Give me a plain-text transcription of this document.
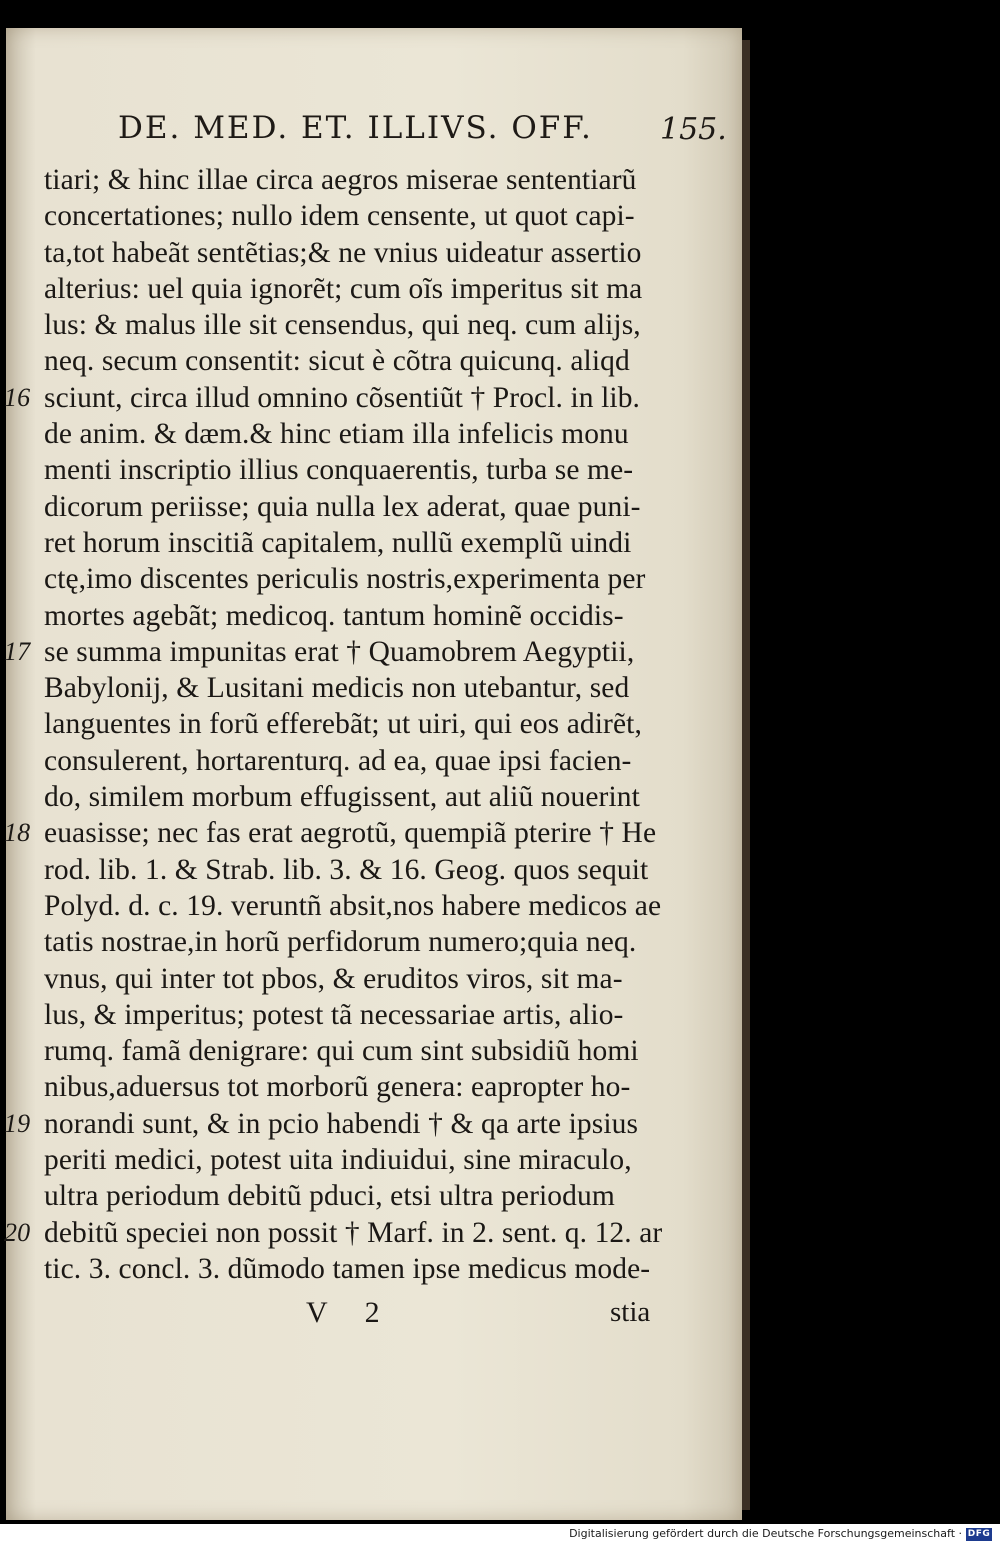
DE. MED. ET. ILLIVS. OFF.	155.
tiari; & hinc illae circa aegros miserae sententiarũ
concertationes; nullo idem censente, ut quot capi-
ta,tot habeãt sentẽtias;& ne vnius uideatur assertio
alterius: uel quia ignorẽt; cum oĩs imperitus sit ma
lus: & malus ille sit censendus, qui neq. cum alijs,
neq. secum consentit: sicut è cõtra quicunq. aliqd
16 sciunt, circa illud omnino cõsentiũt † Procl. in lib.
de anim. & dæm.& hinc etiam illa infelicis monu
menti inscriptio illius conquaerentis, turba se me-
dicorum periisse; quia nulla lex aderat, quae puni-
ret horum inscitiã capitalem, nullũ exemplũ uindi
ctę,imo discentes periculis nostris,experimenta per
mortes agebãt; medicoq. tantum hominẽ occidis-
17 se summa impunitas erat † Quamobrem Aegyptii,
Babylonij, & Lusitani medicis non utebantur, sed
languentes in forũ efferebãt; ut uiri, qui eos adirẽt,
consulerent, hortarenturq. ad ea, quae ipsi facien-
do, similem morbum effugissent, aut aliũ nouerint
18 euasisse; nec fas erat aegrotũ, quempiã pterire † He
rod. lib. 1. & Strab. lib. 3. & 16. Geog. quos sequit
Polyd. d. c. 19. veruntñ absit,nos habere medicos ae
tatis nostrae,in horũ perfidorum numero;quia neq.
vnus, qui inter tot pbos, & eruditos viros, sit ma-
lus, & imperitus; potest tã necessariae artis, alio-
rumq. famã denigrare: qui cum sint subsidiũ homi
nibus,aduersus tot morborũ genera: eapropter ho-
19 norandi sunt, & in pcio habendi † & qa arte ipsius
periti medici, potest uita indiuidui, sine miraculo,
ultra periodum debitũ pduci, etsi ultra periodum
20 debitũ speciei non possit † Marf. in 2. sent. q. 12. ar
tic. 3. concl. 3. dũmodo tamen ipse medicus mode-
V 2	stia
Digitalisierung gefördert durch die Deutsche Forschungsgemeinschaft · DFG
